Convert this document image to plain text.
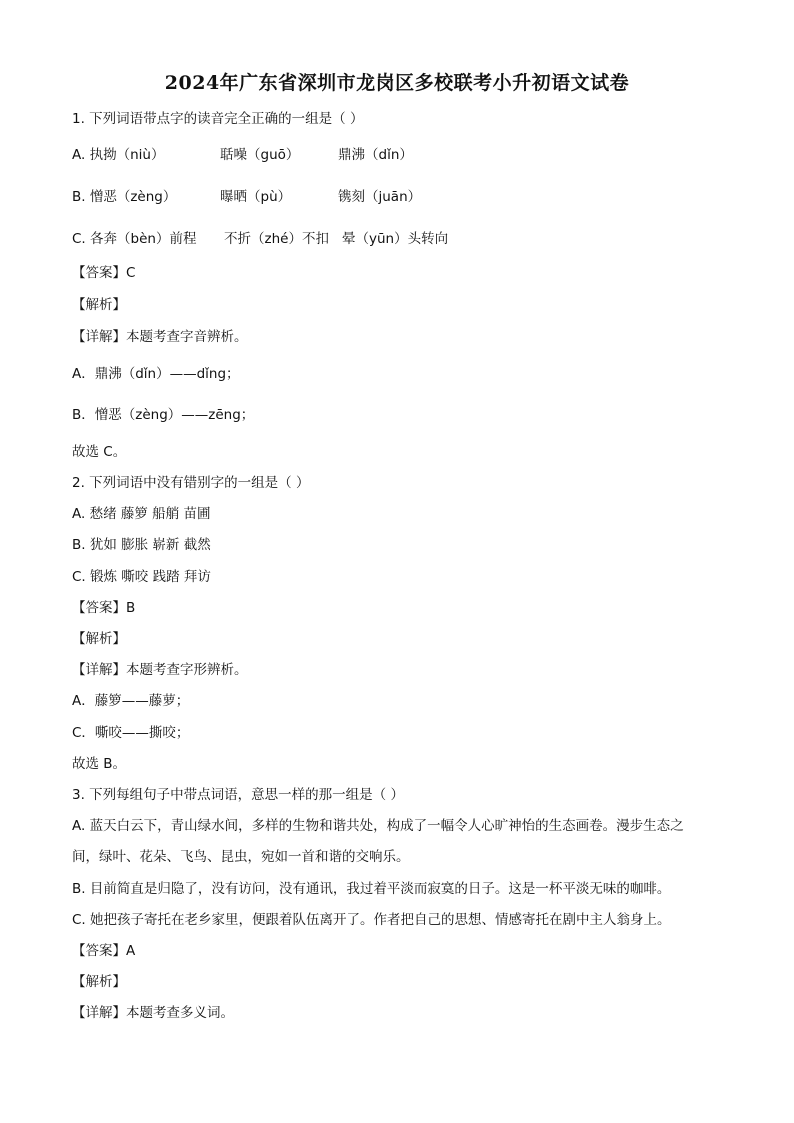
2024年广东省深圳市龙岗区多校联考小升初语文试卷
1. 下列词语带点字的读音完全正确的一组是（ ）
A. 执拗（niù）	聒噪（guō）	鼎沸（dǐn）
B. 憎恶（zèng）	曝晒（pù）	镌刻（juān）
C. 各奔（bèn）前程 不折（zhé）不扣 晕（yūn）头转向
【答案】C
【解析】
【详解】本题考查字音辨析。
A．鼎沸（dǐn）——dǐng；
B．憎恶（zèng）——zēng；
故选 C。
2. 下列词语中没有错别字的一组是（ ）
A. 愁绪 藤箩 船艄 苗圃
B. 犹如 膨胀 崭新 截然
C. 锻炼 嘶咬 践踏 拜访
【答案】B
【解析】
【详解】本题考查字形辨析。
A．藤箩——藤萝；
C．嘶咬——撕咬；
故选 B。
3. 下列每组句子中带点词语，意思一样的那一组是（ ）
A. 蓝天白云下，青山绿水间，多样的生物和谐共处，构成了一幅令人心旷神怡的生态画卷。漫步生态之
间，绿叶、花朵、飞鸟、昆虫，宛如一首和谐的交响乐。
B. 目前简直是归隐了，没有访问，没有通讯，我过着平淡而寂寞的日子。这是一杯平淡无味的咖啡。
C. 她把孩子寄托在老乡家里，便跟着队伍离开了。作者把自己的思想、情感寄托在剧中主人翁身上。
【答案】A
【解析】
【详解】本题考查多义词。
